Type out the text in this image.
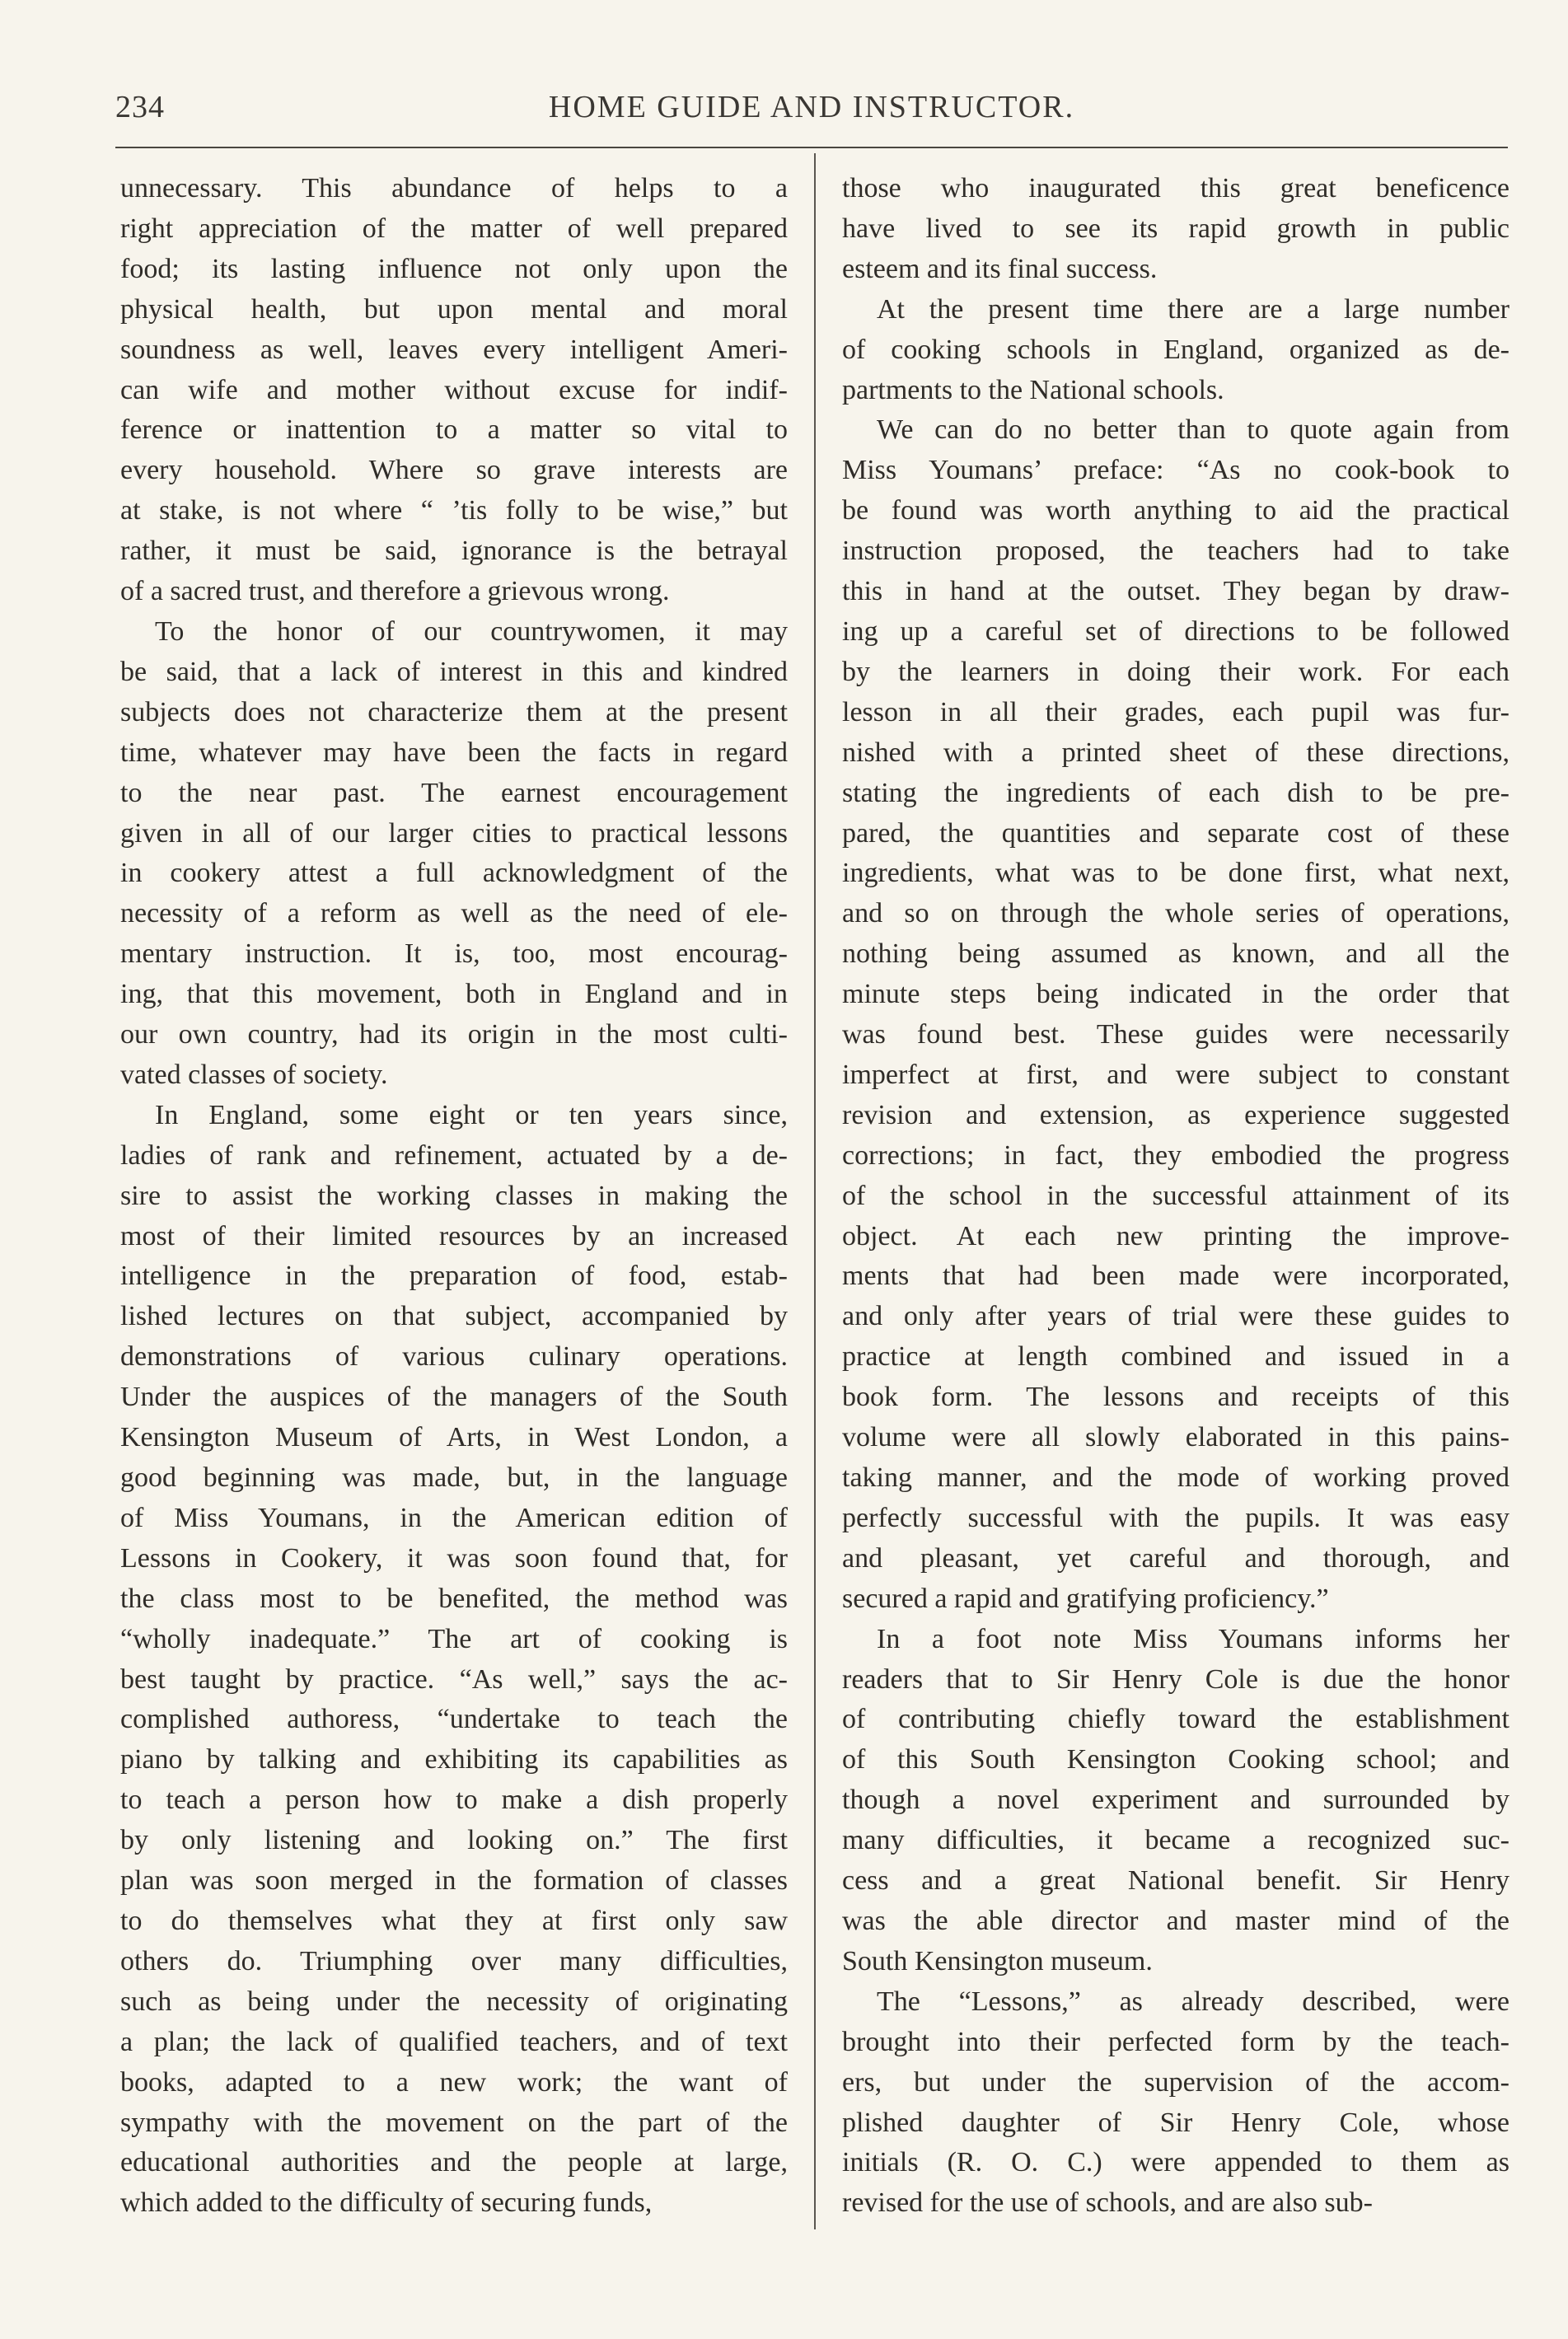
234	HOME GUIDE AND INSTRUCTOR.

unnecessary. This abundance of helps to a
right appreciation of the matter of well prepared
food; its lasting influence not only upon the
physical health, but upon mental and moral
soundness as well, leaves every intelligent Ameri-
can wife and mother without excuse for indif-
ference or inattention to a matter so vital to
every household. Where so grave interests are
at stake, is not where “ ’tis folly to be wise,” but
rather, it must be said, ignorance is the betrayal
of a sacred trust, and therefore a grievous wrong.

To the honor of our countrywomen, it may
be said, that a lack of interest in this and kindred
subjects does not characterize them at the present
time, whatever may have been the facts in regard
to the near past. The earnest encouragement
given in all of our larger cities to practical lessons
in cookery attest a full acknowledgment of the
necessity of a reform as well as the need of ele-
mentary instruction. It is, too, most encourag-
ing, that this movement, both in England and in
our own country, had its origin in the most culti-
vated classes of society.

In England, some eight or ten years since,
ladies of rank and refinement, actuated by a de-
sire to assist the working classes in making the
most of their limited resources by an increased
intelligence in the preparation of food, estab-
lished lectures on that subject, accompanied by
demonstrations of various culinary operations.
Under the auspices of the managers of the South
Kensington Museum of Arts, in West London, a
good beginning was made, but, in the language
of Miss Youmans, in the American edition of
Lessons in Cookery, it was soon found that, for
the class most to be benefited, the method was
“wholly inadequate.” The art of cooking is
best taught by practice. “As well,” says the ac-
complished authoress, “undertake to teach the
piano by talking and exhibiting its capabilities as
to teach a person how to make a dish properly
by only listening and looking on.” The first
plan was soon merged in the formation of classes
to do themselves what they at first only saw
others do. Triumphing over many difficulties,
such as being under the necessity of originating
a plan; the lack of qualified teachers, and of text
books, adapted to a new work; the want of
sympathy with the movement on the part of the
educational authorities and the people at large,
which added to the difficulty of securing funds,

those who inaugurated this great beneficence
have lived to see its rapid growth in public
esteem and its final success.

At the present time there are a large number
of cooking schools in England, organized as de-
partments to the National schools.

We can do no better than to quote again from
Miss Youmans’ preface: “As no cook-book to
be found was worth anything to aid the practical
instruction proposed, the teachers had to take
this in hand at the outset. They began by draw-
ing up a careful set of directions to be followed
by the learners in doing their work. For each
lesson in all their grades, each pupil was fur-
nished with a printed sheet of these directions,
stating the ingredients of each dish to be pre-
pared, the quantities and separate cost of these
ingredients, what was to be done first, what next,
and so on through the whole series of operations,
nothing being assumed as known, and all the
minute steps being indicated in the order that
was found best. These guides were necessarily
imperfect at first, and were subject to constant
revision and extension, as experience suggested
corrections; in fact, they embodied the progress
of the school in the successful attainment of its
object. At each new printing the improve-
ments that had been made were incorporated,
and only after years of trial were these guides to
practice at length combined and issued in a
book form. The lessons and receipts of this
volume were all slowly elaborated in this pains-
taking manner, and the mode of working proved
perfectly successful with the pupils. It was easy
and pleasant, yet careful and thorough, and
secured a rapid and gratifying proficiency.”

In a foot note Miss Youmans informs her
readers that to Sir Henry Cole is due the honor
of contributing chiefly toward the establishment
of this South Kensington Cooking school; and
though a novel experiment and surrounded by
many difficulties, it became a recognized suc-
cess and a great National benefit. Sir Henry
was the able director and master mind of the
South Kensington museum.

The “Lessons,” as already described, were
brought into their perfected form by the teach-
ers, but under the supervision of the accom-
plished daughter of Sir Henry Cole, whose
initials (R. O. C.) were appended to them as
revised for the use of schools, and are also sub-
